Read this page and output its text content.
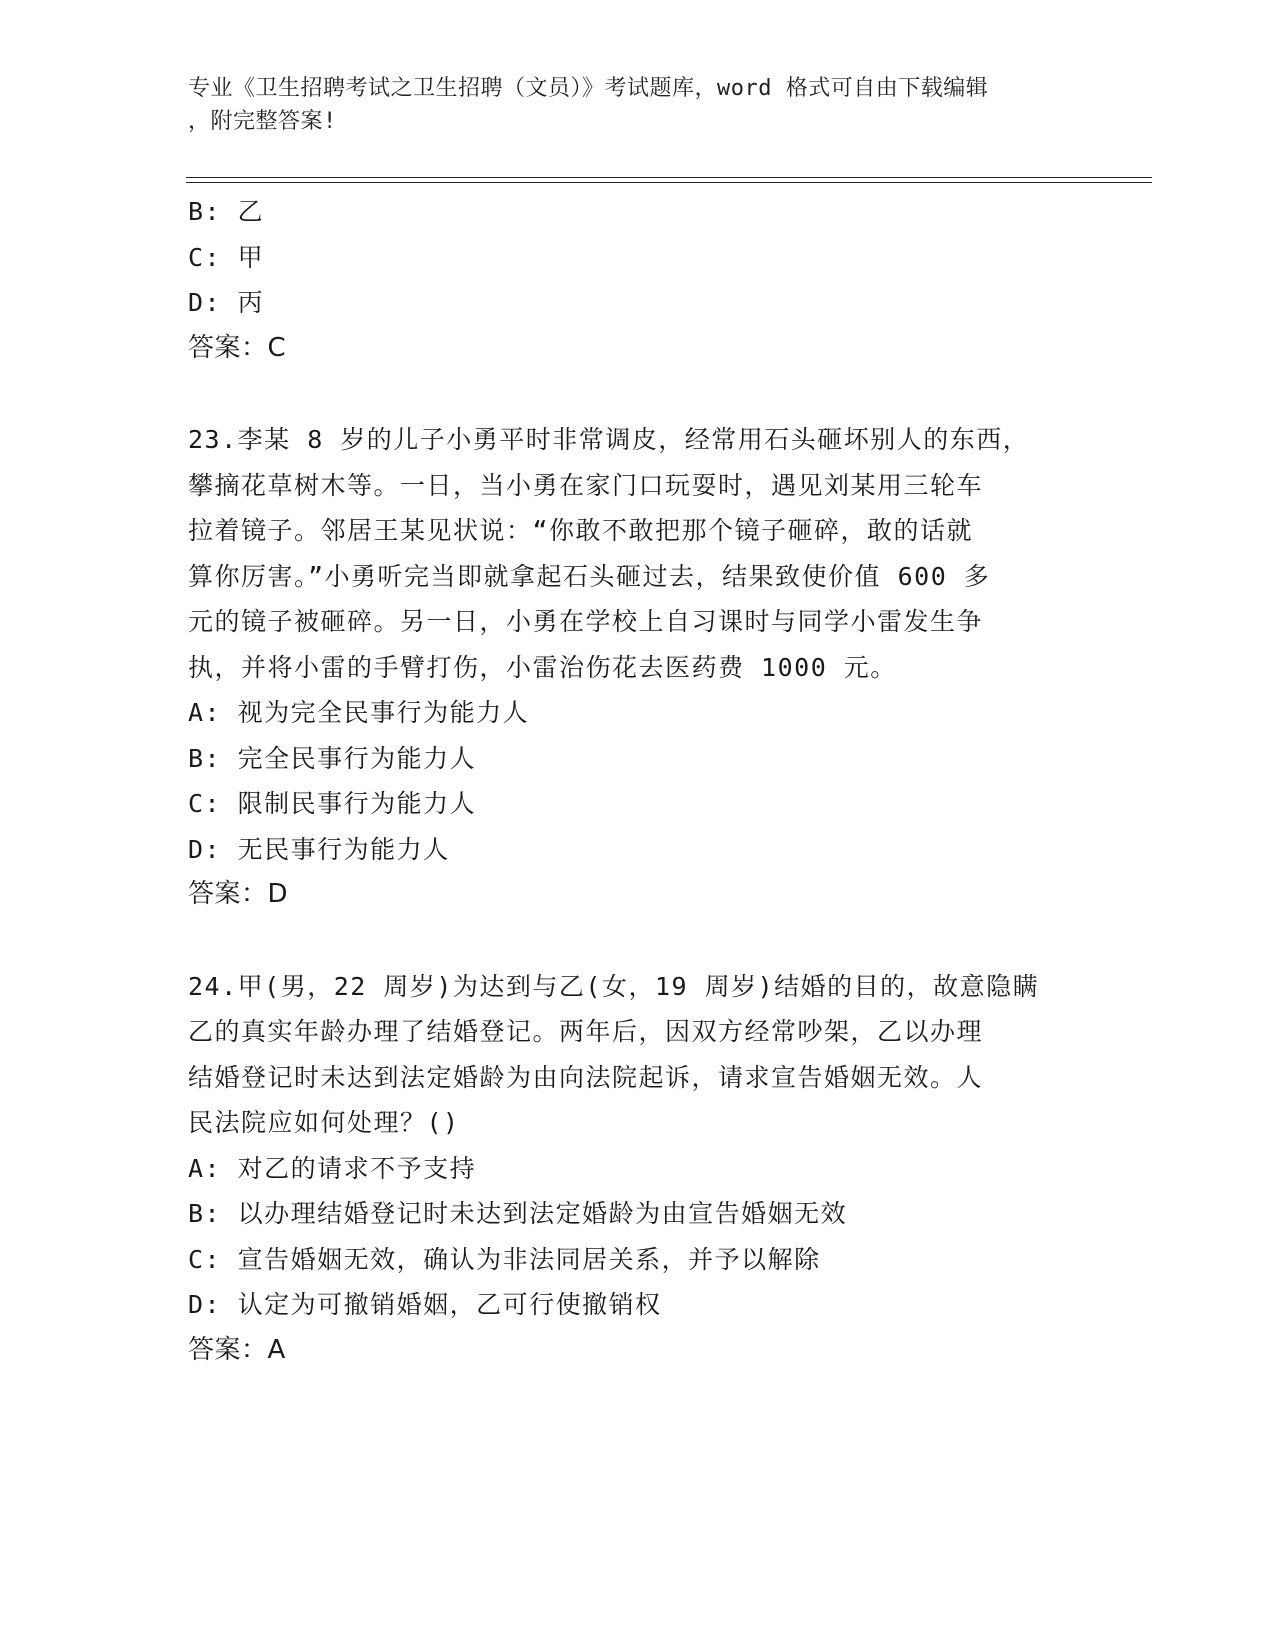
专业《卫生招聘考试之卫生招聘（文员）》考试题库，word 格式可自由下载编辑
，附完整答案!
B: 乙
C: 甲
D: 丙
答案：C
23.李某 8 岁的儿子小勇平时非常调皮，经常用石头砸坏别人的东西，
攀摘花草树木等。一日，当小勇在家门口玩耍时，遇见刘某用三轮车
拉着镜子。邻居王某见状说：“你敢不敢把那个镜子砸碎，敢的话就
算你厉害。”小勇听完当即就拿起石头砸过去，结果致使价值 600 多
元的镜子被砸碎。另一日，小勇在学校上自习课时与同学小雷发生争
执，并将小雷的手臂打伤，小雷治伤花去医药费 1000 元。
A: 视为完全民事行为能力人
B: 完全民事行为能力人
C: 限制民事行为能力人
D: 无民事行为能力人
答案：D
24.甲(男，22 周岁)为达到与乙(女，19 周岁)结婚的目的，故意隐瞒
乙的真实年龄办理了结婚登记。两年后，因双方经常吵架，乙以办理
结婚登记时未达到法定婚龄为由向法院起诉，请求宣告婚姻无效。人
民法院应如何处理？()
A: 对乙的请求不予支持
B: 以办理结婚登记时未达到法定婚龄为由宣告婚姻无效
C: 宣告婚姻无效，确认为非法同居关系，并予以解除
D: 认定为可撤销婚姻，乙可行使撤销权
答案：A
